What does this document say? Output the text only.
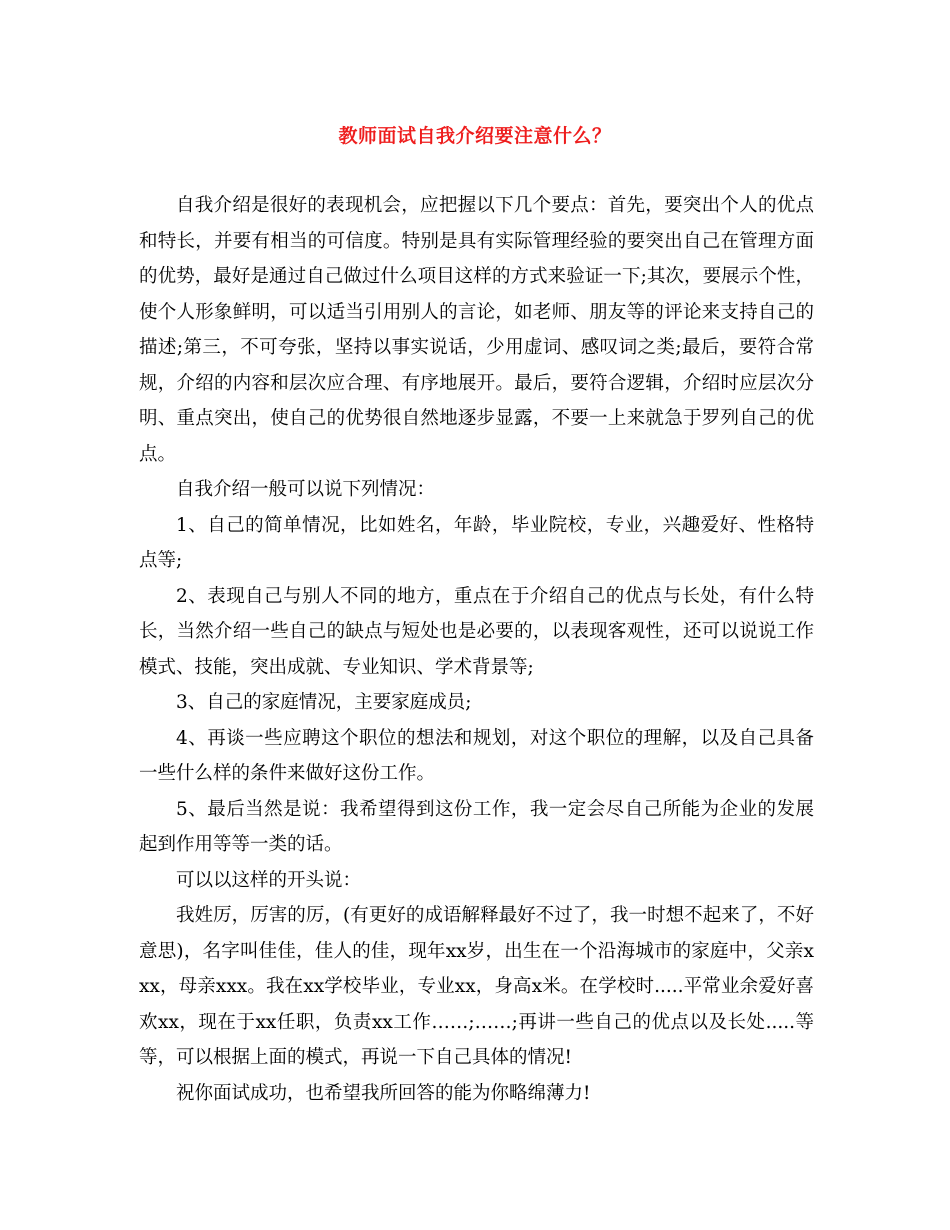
教师面试自我介绍要注意什么？

自我介绍是很好的表现机会，应把握以下几个要点：首先，要突出个人的优点和特长，并要有相当的可信度。特别是具有实际管理经验的要突出自己在管理方面的优势，最好是通过自己做过什么项目这样的方式来验证一下;其次，要展示个性，使个人形象鲜明，可以适当引用别人的言论，如老师、朋友等的评论来支持自己的描述;第三，不可夸张，坚持以事实说话，少用虚词、感叹词之类;最后，要符合常规，介绍的内容和层次应合理、有序地展开。最后，要符合逻辑，介绍时应层次分明、重点突出，使自己的优势很自然地逐步显露，不要一上来就急于罗列自己的优点。

自我介绍一般可以说下列情况：

1、自己的简单情况，比如姓名，年龄，毕业院校，专业，兴趣爱好、性格特点等;

2、表现自己与别人不同的地方，重点在于介绍自己的优点与长处，有什么特长，当然介绍一些自己的缺点与短处也是必要的，以表现客观性，还可以说说工作模式、技能，突出成就、专业知识、学术背景等;

3、自己的家庭情况，主要家庭成员;

4、再谈一些应聘这个职位的想法和规划，对这个职位的理解，以及自己具备一些什么样的条件来做好这份工作。

5、最后当然是说：我希望得到这份工作，我一定会尽自己所能为企业的发展起到作用等等一类的话。

可以以这样的开头说：

我姓厉，厉害的厉，(有更好的成语解释最好不过了，我一时想不起来了，不好意思)，名字叫佳佳，佳人的佳，现年xx岁，出生在一个沿海城市的家庭中，父亲xxx，母亲xxx。我在xx学校毕业，专业xx，身高x米。在学校时.....平常业余爱好喜欢xx，现在于xx任职，负责xx工作……;……;再讲一些自己的优点以及长处.....等等，可以根据上面的模式，再说一下自己具体的情况!

祝你面试成功，也希望我所回答的能为你略绵薄力!
